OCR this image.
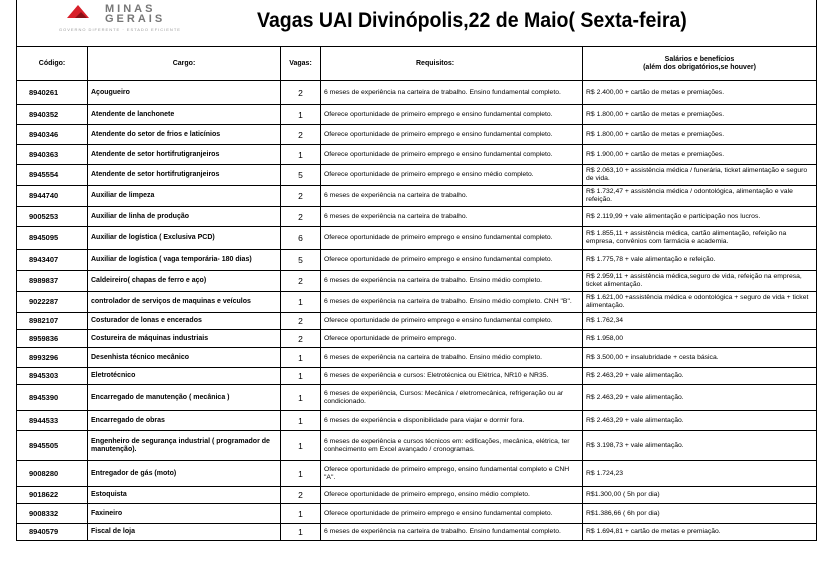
MINAS
GERAIS
GOVERNO DIFERENTE · ESTADO EFICIENTE	Vagas UAI Divinópolis,22 de Maio( Sexta-feira)
Código:	Cargo:	Vagas:	Requisitos:	Salários e benefícios
(além dos obrigatórios,se houver)

8940261	Açougueiro	2	6 meses de experiência na carteira de trabalho. Ensino fundamental completo.	R$ 2.400,00 + cartão de metas e premiações.
8940352	Atendente de lanchonete	1	Oferece oportunidade de primeiro emprego e ensino fundamental completo.	R$ 1.800,00 + cartão de metas e premiações.
8940346	Atendente do setor de frios e laticínios	2	Oferece oportunidade de primeiro emprego e ensino fundamental completo.	R$ 1.800,00 + cartão de metas e premiações.
8940363	Atendente de setor hortifrutigranjeiros	1	Oferece oportunidade de primeiro emprego e ensino fundamental completo.	R$ 1.900,00 + cartão de metas e premiações.
8945554	Atendente de setor hortifrutigranjeiros	5	Oferece oportunidade de primeiro emprego e ensino médio completo.	R$ 2.063,10 + assistência médica / funerária, ticket alimentação e seguro de vida.
8944740	Auxiliar de limpeza	2	6 meses de experiência na carteira de trabalho.	R$ 1.732,47 + assistência médica / odontológica, alimentação e vale refeição.
9005253	Auxiliar de linha de produção	2	6 meses de experiência na carteira de trabalho.	R$ 2.119,99 + vale alimentação e participação nos lucros.
8945095	Auxiliar de logística ( Exclusiva PCD)	6	Oferece oportunidade de primeiro emprego e ensino fundamental completo.	R$ 1.855,11 + assistência médica, cartão alimentação, refeição na empresa, convênios com farmácia e academia.
8943407	Auxiliar de logística ( vaga temporária- 180 dias)	5	Oferece oportunidade de primeiro emprego e ensino fundamental completo.	R$ 1.775,78 + vale alimentação e refeição.
8989837	Caldeireiro( chapas de ferro e aço)	2	6 meses de experiência na carteira de trabalho. Ensino médio completo.	R$ 2.959,11 + assistência médica,seguro de vida, refeição na empresa, ticket alimentação.
9022287	controlador de serviços de maquinas e veículos	1	6 meses de experiência na carteira de trabalho. Ensino médio completo. CNH "B".	R$ 1.621,00 +assistência médica e odontológica + seguro de vida + ticket alimentação.
8982107	Costurador de lonas e encerados	2	Oferece oportunidade de primeiro emprego e ensino fundamental completo.	R$ 1.762,34
8959836	Costureira de máquinas industriais	2	Oferece oportunidade de primeiro emprego.	R$ 1.958,00
8993296	Desenhista técnico mecânico	1	6 meses de experiência na carteira de trabalho. Ensino médio completo.	R$ 3.500,00 + insalubridade + cesta básica.
8945303	Eletrotécnico	1	6 meses de experiência e cursos: Eletrotécnica ou Elétrica, NR10 e NR35.	R$ 2.463,29 + vale alimentação.
8945390	Encarregado de manutenção ( mecânica )	1	6 meses de experiência, Cursos: Mecânica / eletromecânica, refrigeração ou ar condicionado.	R$ 2.463,29 + vale alimentação.
8944533	Encarregado de obras	1	6 meses de experiência e disponibilidade para viajar e dormir fora.	R$ 2.463,29 + vale alimentação.
8945505	Engenheiro de segurança industrial ( programador de manutenção).	1	6 meses de experiência e cursos técnicos em: edificações, mecânica, elétrica, ter conhecimento em Excel avançado / cronogramas.	R$ 3.198,73 + vale alimentação.
9008280	Entregador de gás (moto)	1	Oferece oportunidade de primeiro emprego, ensino fundamental completo e CNH "A".	R$ 1.724,23
9018622	Estoquista	2	Oferece oportunidade de primeiro emprego, ensino médio completo.	R$1.300,00 ( 5h por dia)
9008332	Faxineiro	1	Oferece oportunidade de primeiro emprego e ensino fundamental completo.	R$1.386,66 ( 6h por dia)
8940579	Fiscal de loja	1	6 meses de experiência na carteira de trabalho. Ensino fundamental completo.	R$ 1.694,81 + cartão de metas e premiação.
